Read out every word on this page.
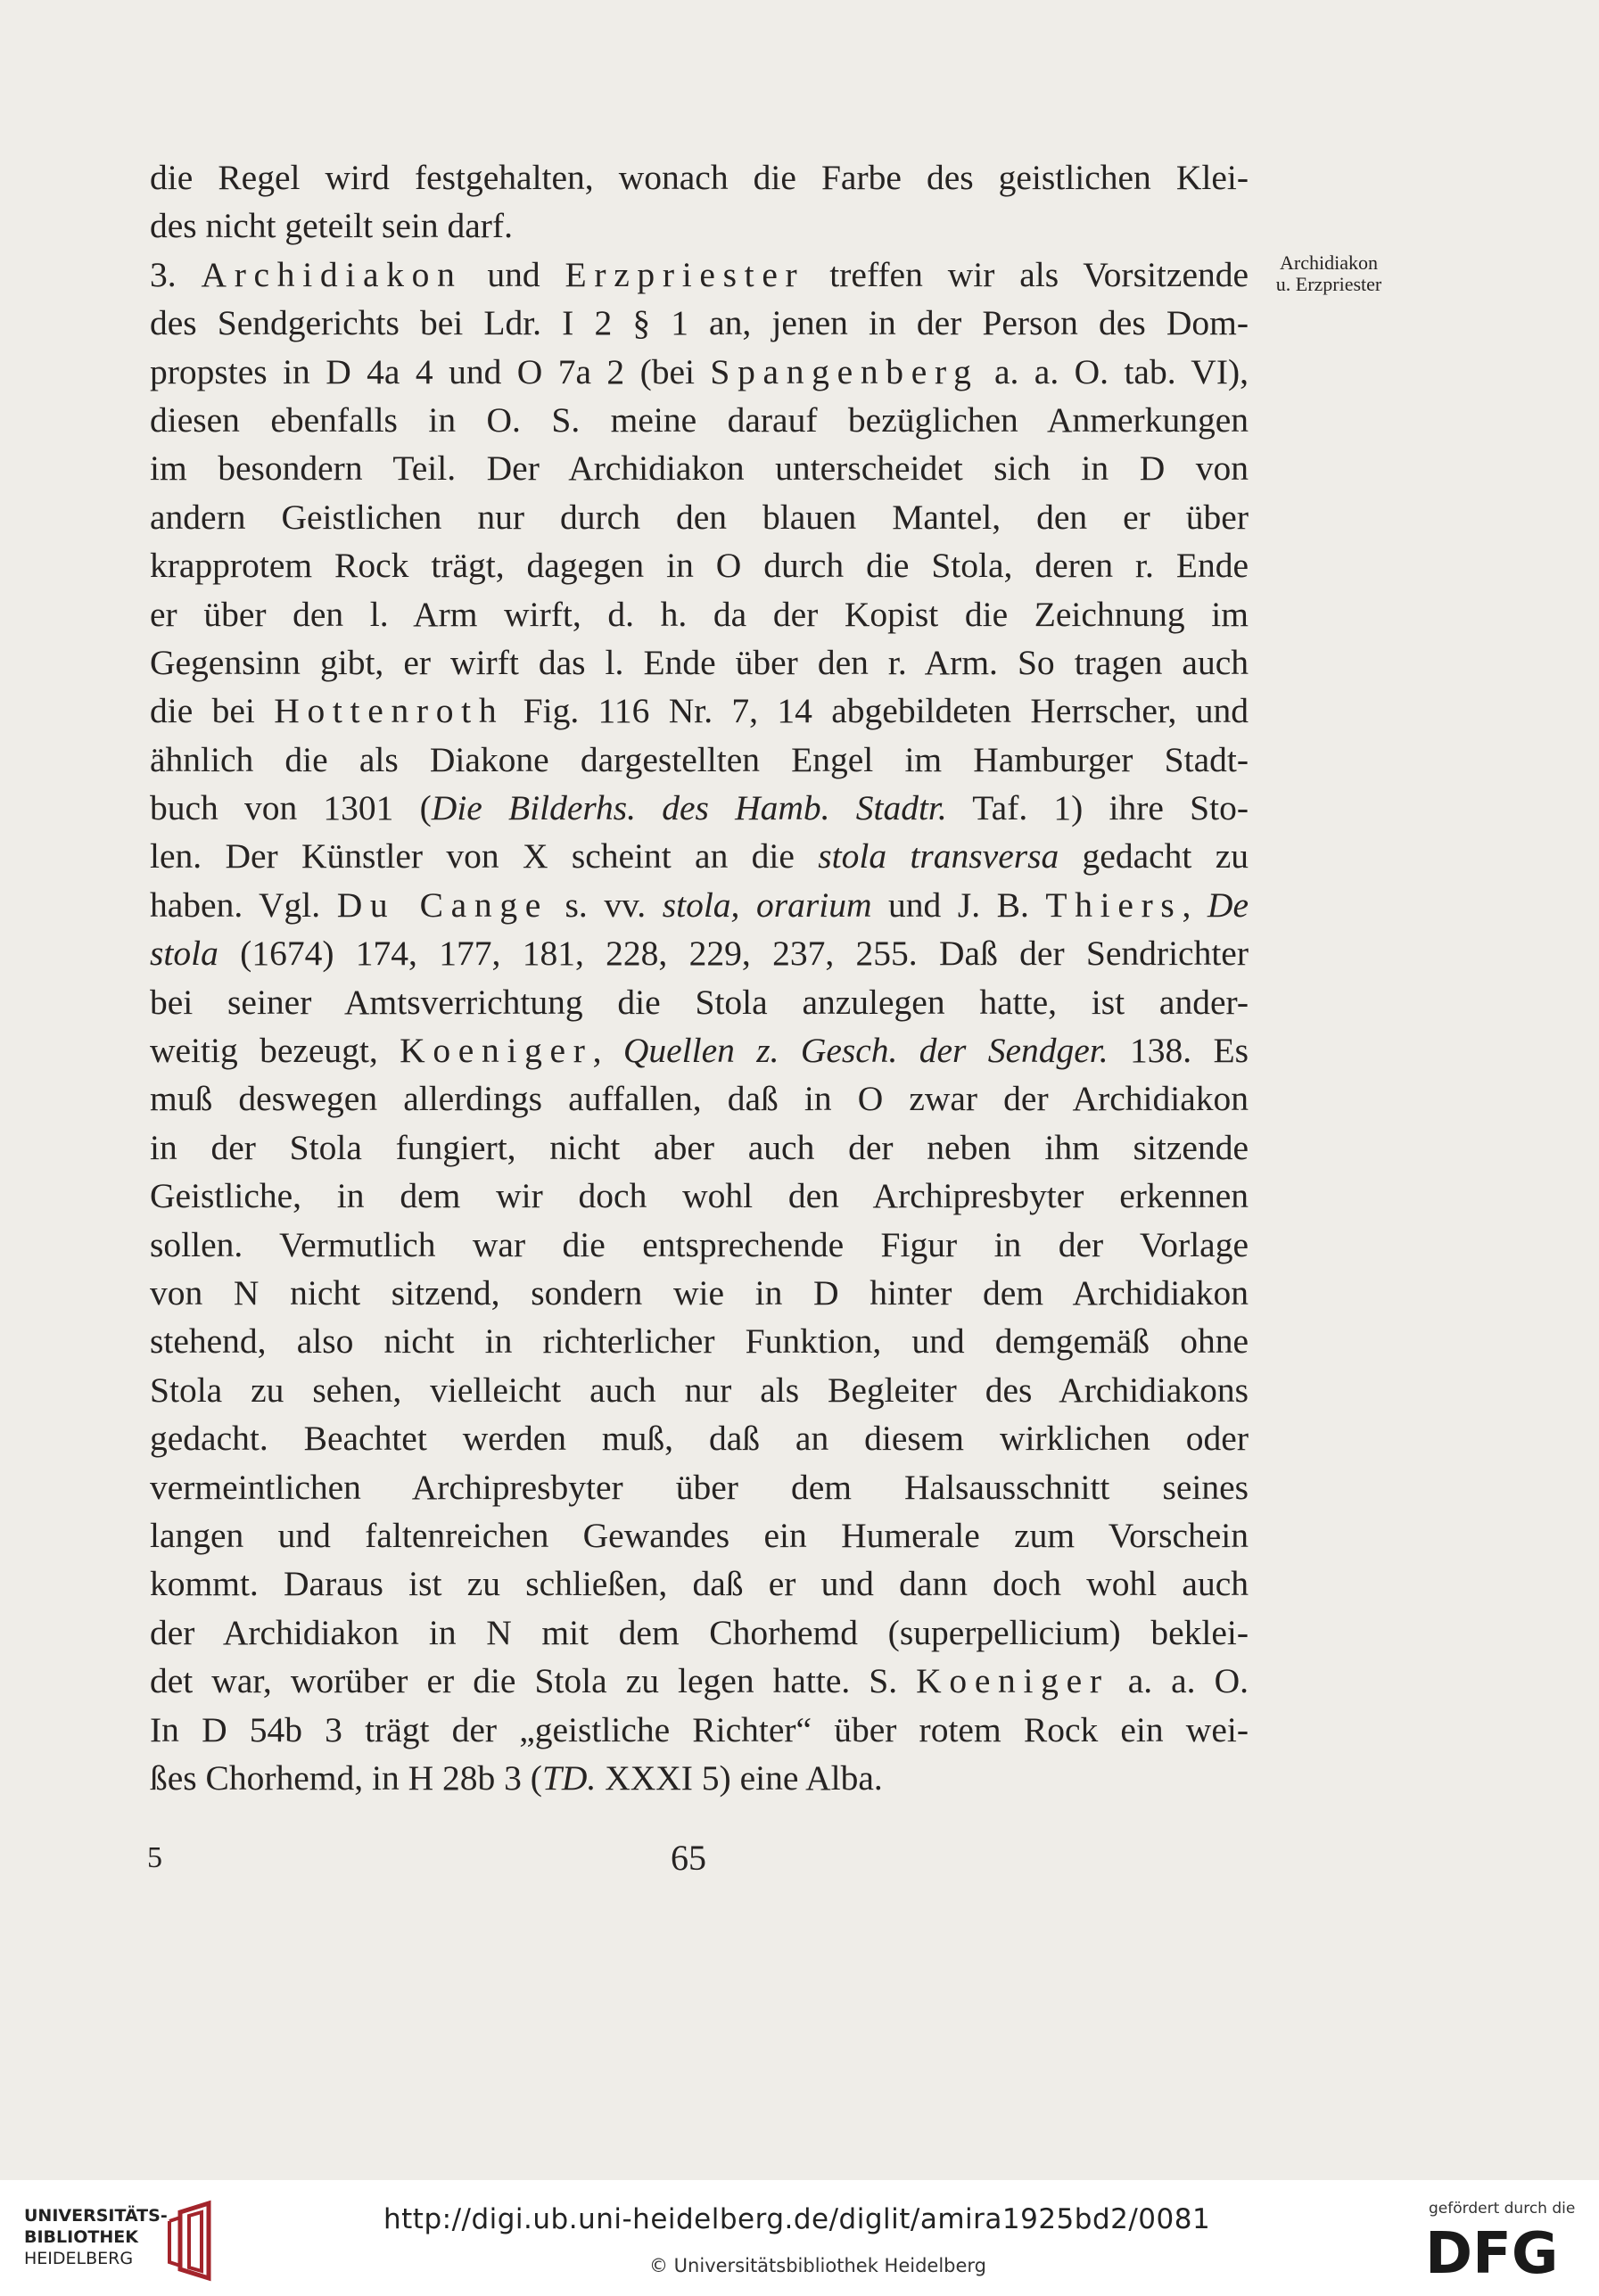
Archidiakon
u. Erzpriester
die Regel wird festgehalten, wonach die Farbe des geistlichen Klei-
des nicht geteilt sein darf.
3. Archidiakon und Erzpriester treffen wir als Vorsitzende
des Sendgerichts bei Ldr. I 2 § 1 an, jenen in der Person des Dom-
propstes in D 4a 4 und O 7a 2 (bei Spangenberg a. a. O. tab. VI),
diesen ebenfalls in O. S. meine darauf bezüglichen Anmerkungen
im besondern Teil. Der Archidiakon unterscheidet sich in D von
andern Geistlichen nur durch den blauen Mantel, den er über
krapprotem Rock trägt, dagegen in O durch die Stola, deren r. Ende
er über den l. Arm wirft, d. h. da der Kopist die Zeichnung im
Gegensinn gibt, er wirft das l. Ende über den r. Arm. So tragen auch
die bei Hottenroth Fig. 116 Nr. 7, 14 abgebildeten Herrscher, und
ähnlich die als Diakone dargestellten Engel im Hamburger Stadt-
buch von 1301 (Die Bilderhs. des Hamb. Stadtr. Taf. 1) ihre Sto-
len. Der Künstler von X scheint an die stola transversa gedacht zu
haben. Vgl. Du Cange s. vv. stola, orarium und J. B. Thiers, De
stola (1674) 174, 177, 181, 228, 229, 237, 255. Daß der Sendrichter
bei seiner Amtsverrichtung die Stola anzulegen hatte, ist ander-
weitig bezeugt, Koeniger, Quellen z. Gesch. der Sendger. 138. Es
muß deswegen allerdings auffallen, daß in O zwar der Archidiakon
in der Stola fungiert, nicht aber auch der neben ihm sitzende
Geistliche, in dem wir doch wohl den Archipresbyter erkennen
sollen. Vermutlich war die entsprechende Figur in der Vorlage
von N nicht sitzend, sondern wie in D hinter dem Archidiakon
stehend, also nicht in richterlicher Funktion, und demgemäß ohne
Stola zu sehen, vielleicht auch nur als Begleiter des Archidiakons
gedacht. Beachtet werden muß, daß an diesem wirklichen oder
vermeintlichen Archipresbyter über dem Halsausschnitt seines
langen und faltenreichen Gewandes ein Humerale zum Vorschein
kommt. Daraus ist zu schließen, daß er und dann doch wohl auch
der Archidiakon in N mit dem Chorhemd (superpellicium) beklei-
det war, worüber er die Stola zu legen hatte. S. Koeniger a. a. O.
In D 54b 3 trägt der „geistliche Richter“ über rotem Rock ein wei-
ßes Chorhemd, in H 28b 3 ( TD. XXXI 5) eine Alba.
5	65
UNIVERSITÄTS-
BIBLIOTHEK
HEIDELBERG
http://digi.ub.uni-heidelberg.de/diglit/amira1925bd2/0081
© Universitätsbibliothek Heidelberg
gefördert durch die
DFG
